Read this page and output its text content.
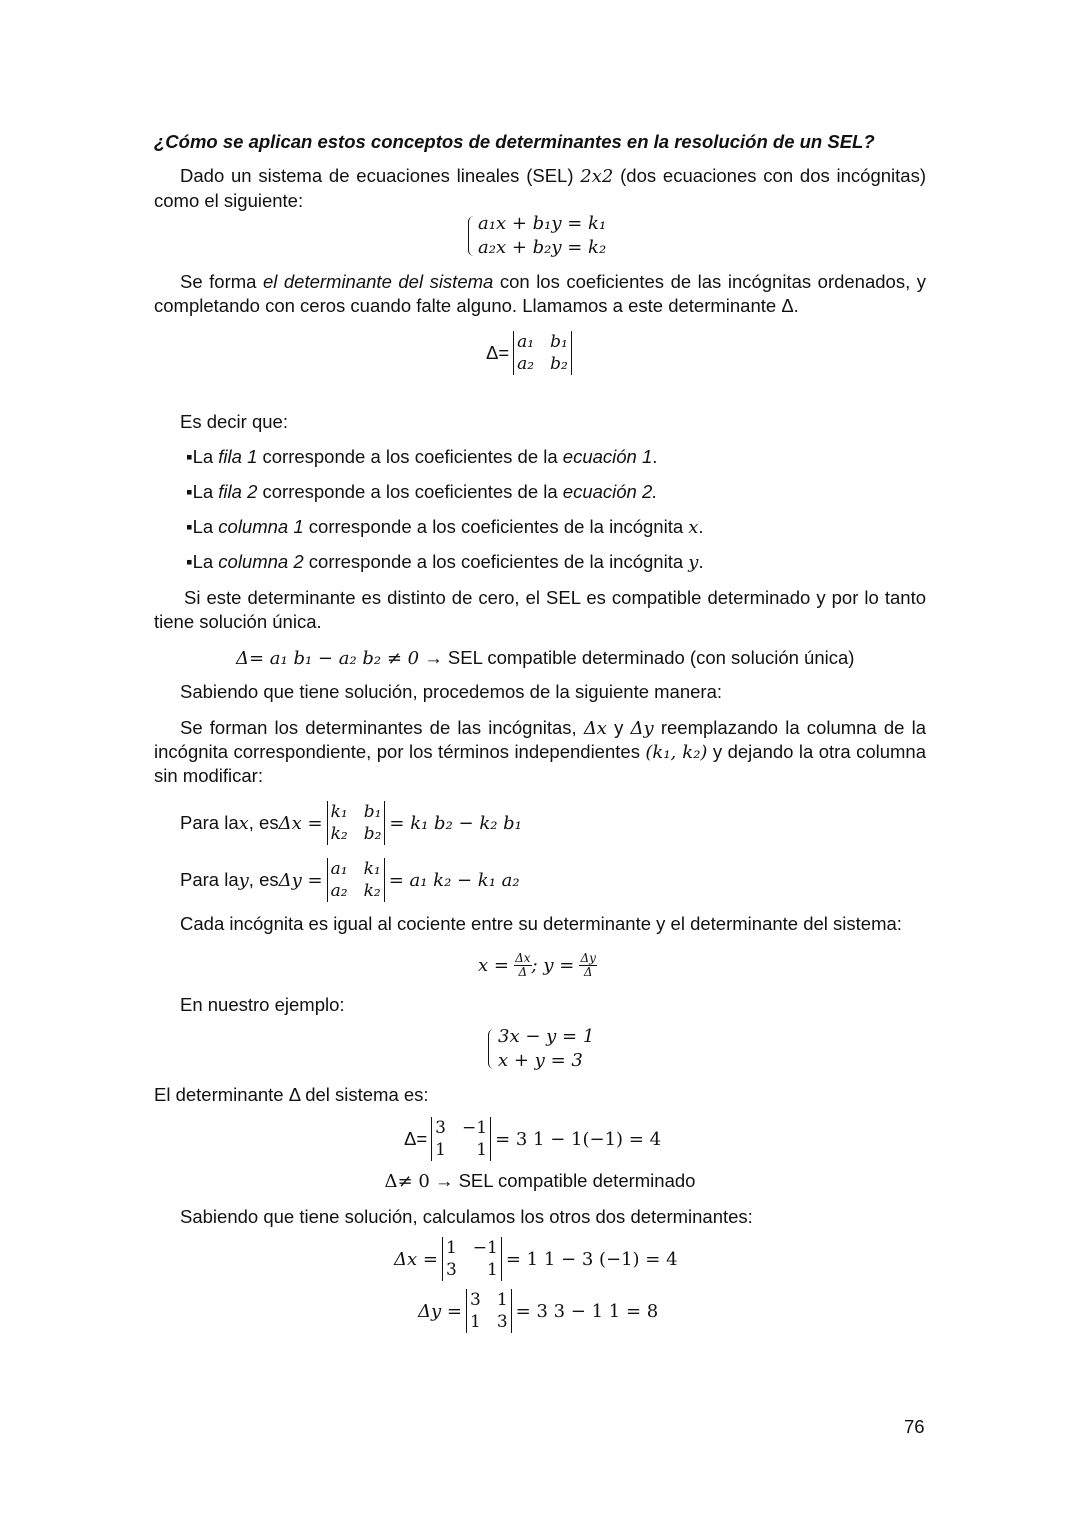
¿Cómo se aplican estos conceptos de determinantes en la resolución de un SEL?
Dado un sistema de ecuaciones lineales (SEL) 2x2 (dos ecuaciones con dos incógnitas)
como el siguiente:
a₁x + b₁y = k₁
a₂x + b₂y = k₂
Se forma el determinante del sistema con los coeficientes de las incógnitas ordenados, y
completando con ceros cuando falte alguno. Llamamos a este determinante Δ.
Δ= a₁ b₁
a₂ b₂
Es decir que:
▪La fila 1 corresponde a los coeficientes de la ecuación 1.
▪La fila 2 corresponde a los coeficientes de la ecuación 2.
▪La columna 1 corresponde a los coeficientes de la incógnita x.
▪La columna 2 corresponde a los coeficientes de la incógnita y.
Si este determinante es distinto de cero, el SEL es compatible determinado y por lo tanto
tiene solución única.
Δ= a₁ b₁ − a₂ b₂ ≠ 0 → SEL compatible determinado (con solución única)
Sabiendo que tiene solución, procedemos de la siguiente manera:
Se forman los determinantes de las incógnitas, Δx y Δy reemplazando la columna de la
incógnita correspondiente, por los términos independientes (k₁, k₂) y dejando la otra columna
sin modificar:
Para la x , es Δx =
k₁ b₁
k₂ b₂
= k₁ b₂ − k₂ b₁
Para la y , es Δy =
a₁ k₁
a₂ k₂
= a₁ k₂ − k₁ a₂
Cada incógnita es igual al cociente entre su determinante y el determinante del sistema:
x =
$\frac{\Delta x}{\Delta}$ ; y =
$\frac{\Delta y}{\Delta}$
En nuestro ejemplo:
3x − y = 1
x + y = 3
El determinante Δ del sistema es:
Δ= 3 −1
1	1
= 3 1 − 1(−1) = 4
Δ≠ 0 → SEL compatible determinado
Sabiendo que tiene solución, calculamos los otros dos determinantes:
Δx =
1 −1
3	1
= 1 1 − 3 (−1) = 4
Δy =
3 1
1 3
= 3 3 − 1 1 = 8
76
